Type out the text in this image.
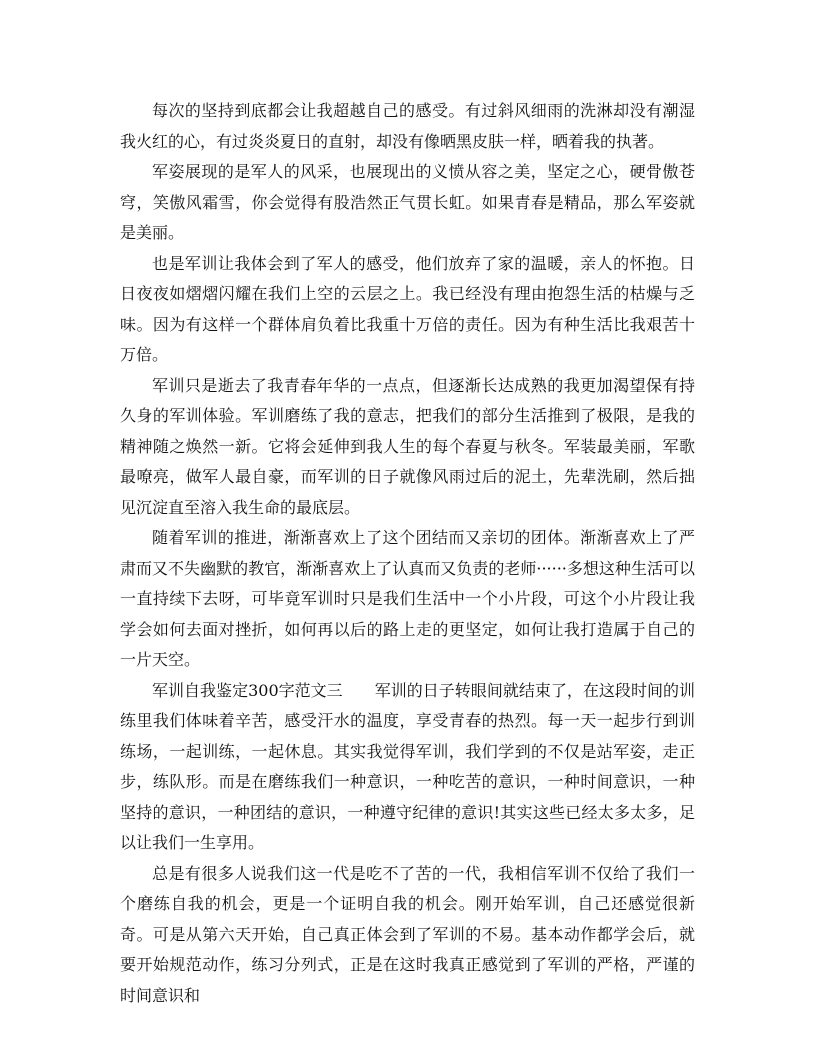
每次的坚持到底都会让我超越自己的感受。有过斜风细雨的洗淋却没有潮湿我火红的心，有过炎炎夏日的直射，却没有像晒黑皮肤一样，晒着我的执著。

军姿展现的是军人的风采，也展现出的义愤从容之美，坚定之心，硬骨傲苍穹，笑傲风霜雪，你会觉得有股浩然正气贯长虹。如果青春是精品，那么军姿就是美丽。

也是军训让我体会到了军人的感受，他们放弃了家的温暖，亲人的怀抱。日日夜夜如熠熠闪耀在我们上空的云层之上。我已经没有理由抱怨生活的枯燥与乏味。因为有这样一个群体肩负着比我重十万倍的责任。因为有种生活比我艰苦十万倍。

军训只是逝去了我青春年华的一点点，但逐渐长达成熟的我更加渴望保有持久身的军训体验。军训磨练了我的意志，把我们的部分生活推到了极限，是我的精神随之焕然一新。它将会延伸到我人生的每个春夏与秋冬。军装最美丽，军歌最嘹亮，做军人最自豪，而军训的日子就像风雨过后的泥土，先辈洗刷，然后拙见沉淀直至溶入我生命的最底层。

随着军训的推进，渐渐喜欢上了这个团结而又亲切的团体。渐渐喜欢上了严肃而又不失幽默的教官，渐渐喜欢上了认真而又负责的老师······多想这种生活可以一直持续下去呀，可毕竟军训时只是我们生活中一个小片段，可这个小片段让我学会如何去面对挫折，如何再以后的路上走的更坚定，如何让我打造属于自己的一片天空。

军训自我鉴定300字范文三　　军训的日子转眼间就结束了，在这段时间的训练里我们体味着辛苦，感受汗水的温度，享受青春的热烈。每一天一起步行到训练场，一起训练，一起休息。其实我觉得军训，我们学到的不仅是站军姿，走正步，练队形。而是在磨练我们一种意识，一种吃苦的意识，一种时间意识，一种坚持的意识，一种团结的意识，一种遵守纪律的意识!其实这些已经太多太多，足以让我们一生享用。

总是有很多人说我们这一代是吃不了苦的一代，我相信军训不仅给了我们一个磨练自我的机会，更是一个证明自我的机会。刚开始军训，自己还感觉很新奇。可是从第六天开始，自己真正体会到了军训的不易。基本动作都学会后，就要开始规范动作，练习分列式，正是在这时我真正感觉到了军训的严格，严谨的时间意识和
